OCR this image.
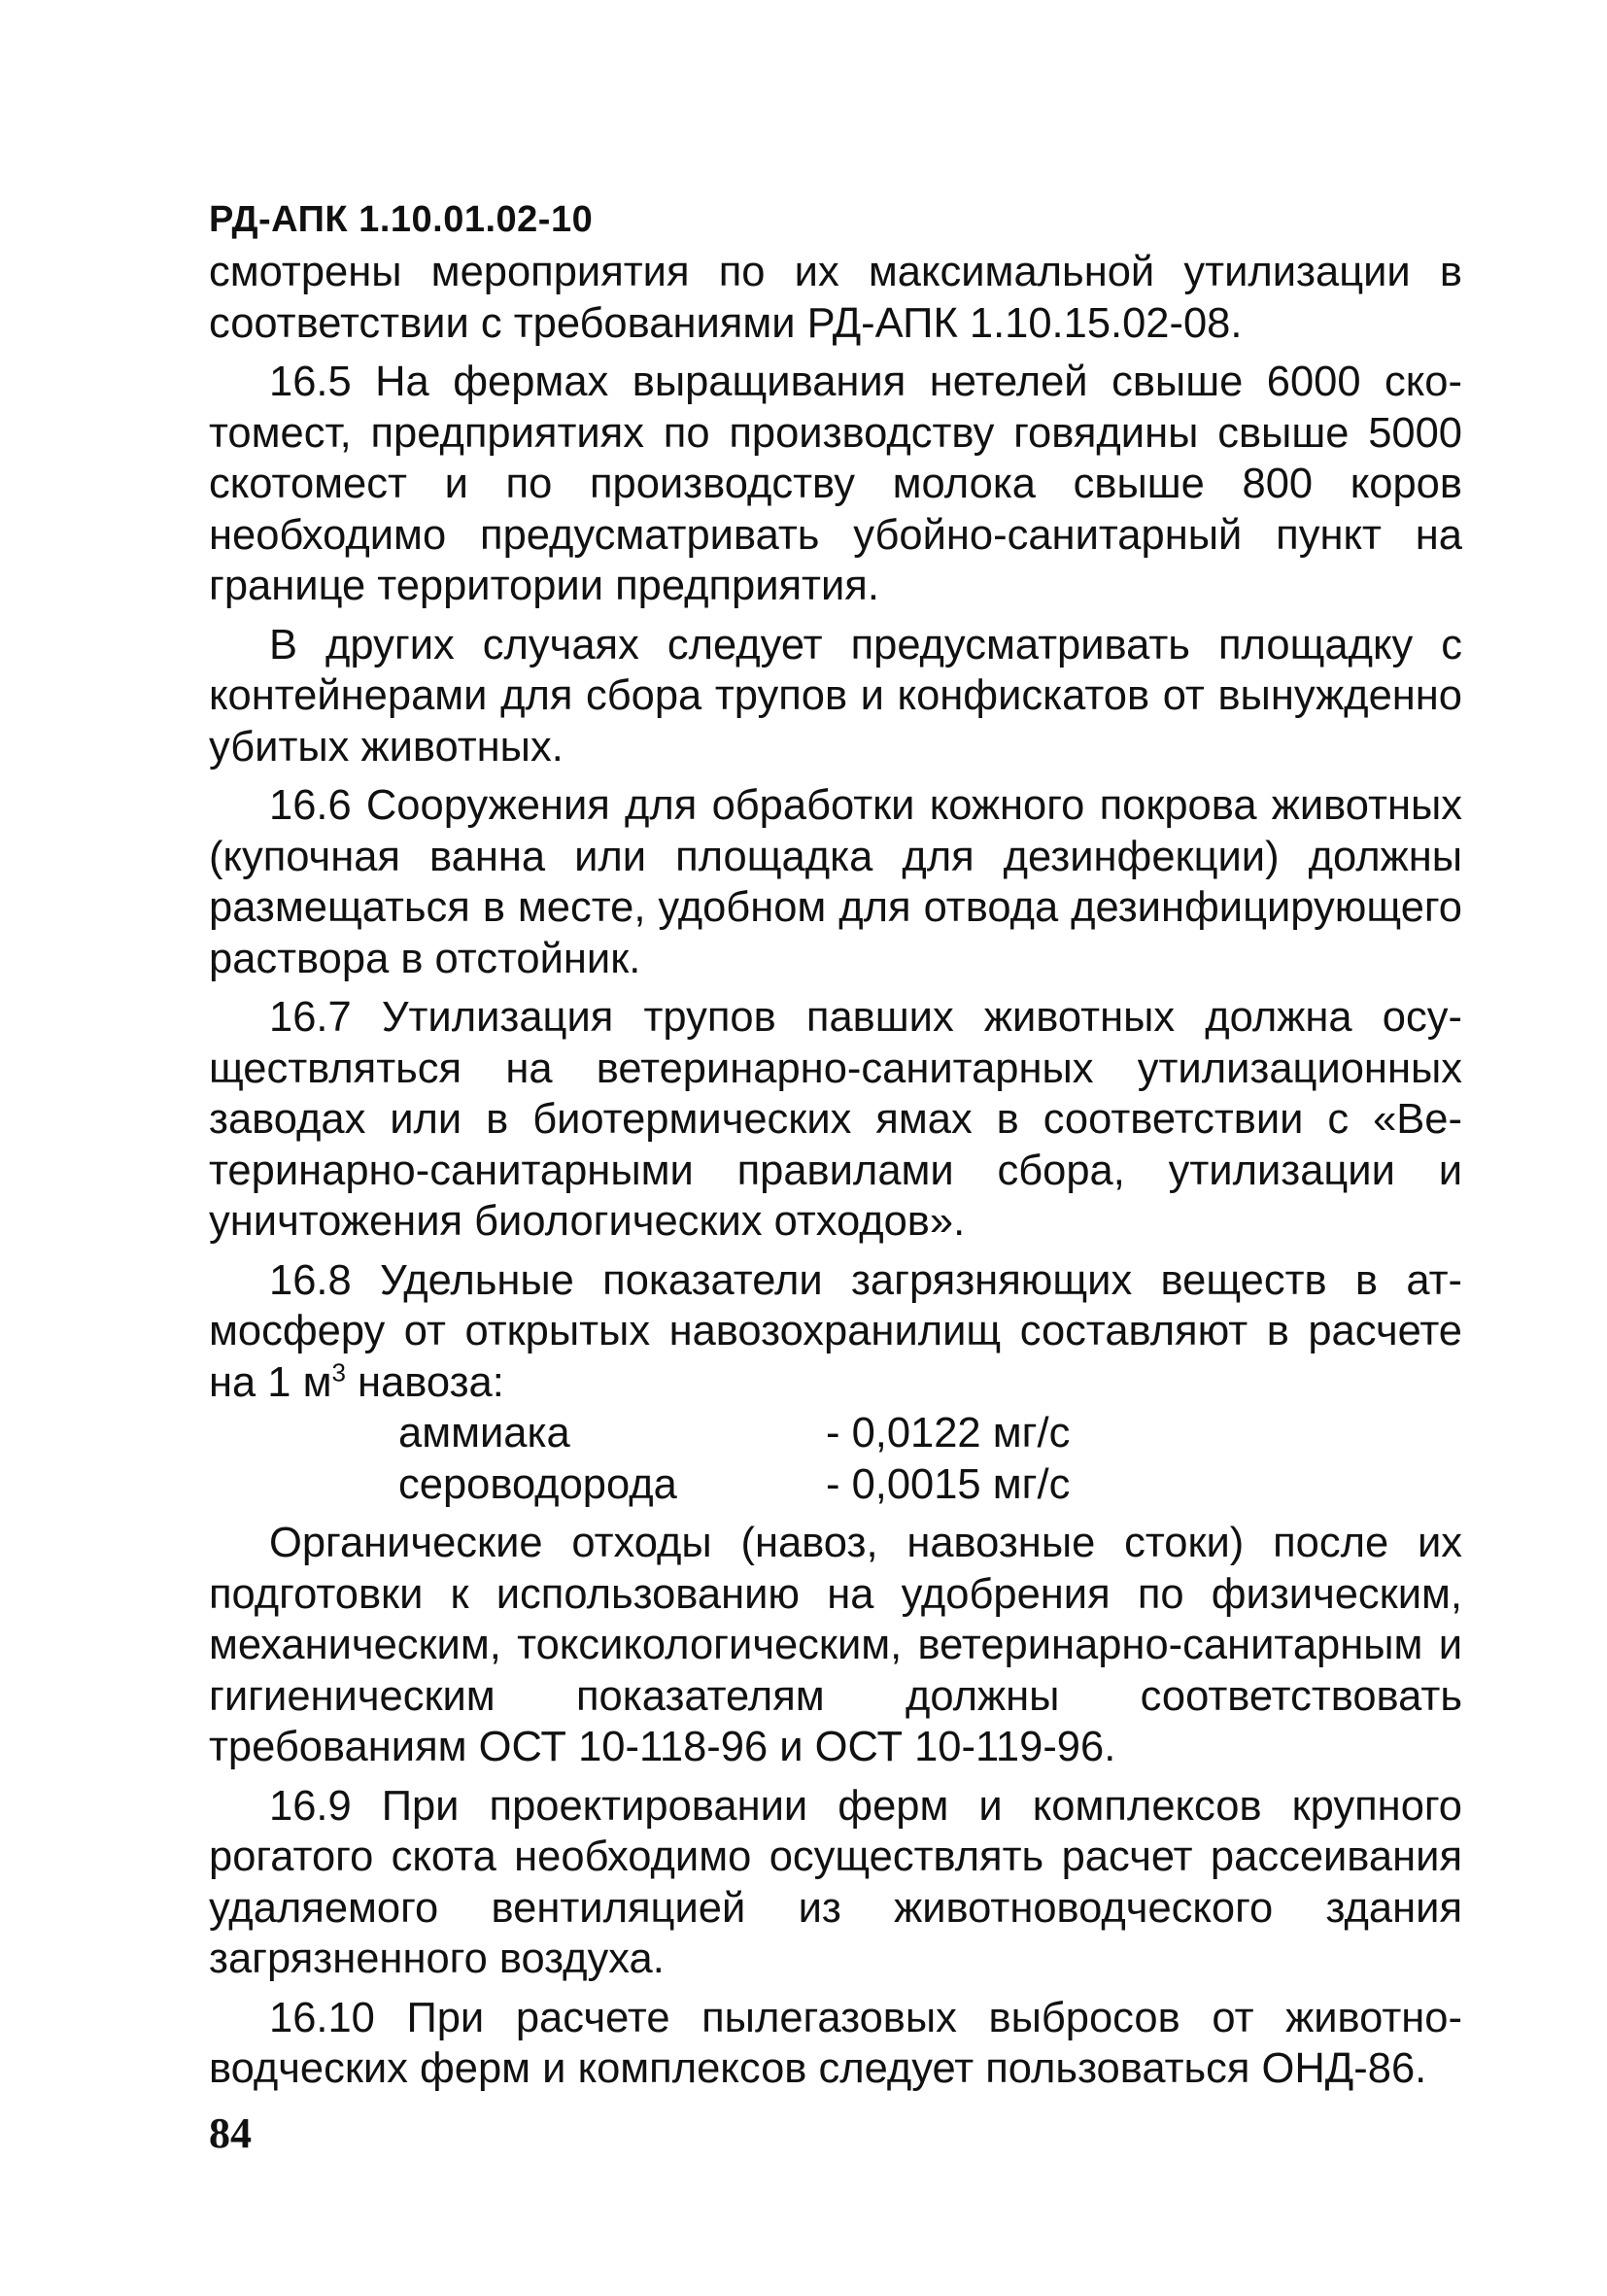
РД-АПК 1.10.01.02-10

смотрены мероприятия по их максимальной утилизации в соответствии с требованиями РД-АПК 1.10.15.02-08.

16.5 На фермах выращивания нетелей свыше 6000 скотомест, предприятиях по производству говядины свыше 5000 скотомест и по производству молока свыше 800 коров необходимо предусматривать убойно-санитарный пункт на границе территории предприятия.

В других случаях следует предусматривать площадку с контейнерами для сбора трупов и конфискатов от вынужденно убитых животных.

16.6 Сооружения для обработки кожного покрова животных (купочная ванна или площадка для дезинфекции) должны размещаться в месте, удобном для отвода дезинфицирующего раствора в отстойник.

16.7 Утилизация трупов павших животных должна осуществляться на ветеринарно-санитарных утилизационных заводах или в биотермических ямах в соответствии с «Ветеринарно-санитарными правилами сбора, утилизации и уничтожения биологических отходов».

16.8 Удельные показатели загрязняющих веществ в атмосферу от открытых навозохранилищ составляют в расчете на 1 $м^3$ навоза:

аммиака	- 0,0122 мг/с
сероводорода	- 0,0015 мг/с

Органические отходы (навоз, навозные стоки) после их подготовки к использованию на удобрения по физическим, механическим, токсикологическим, ветеринарно-санитарным и гигиеническим показателям должны соответствовать требованиям ОСТ 10-118-96 и ОСТ 10-119-96.

16.9 При проектировании ферм и комплексов крупного рогатого скота необходимо осуществлять расчет рассеивания удаляемого вентиляцией из животноводческого здания загрязненного воздуха.

16.10 При расчете пылегазовых выбросов от животноводческих ферм и комплексов следует пользоваться ОНД-86.

84
